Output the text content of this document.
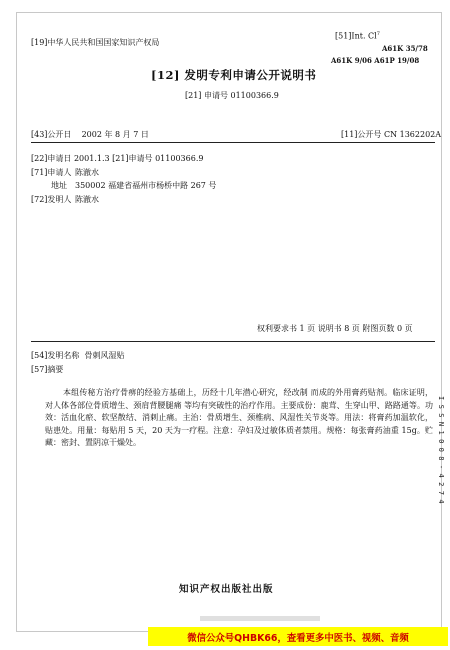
[19]中华人民共和国国家知识产权局
[51]Int. Cl$^7$
A61K 35/78
A61K 9/06 A61P 19/08
[12] 发明专利申请公开说明书
[21] 申请号 01100366.9
[43]公开日 2002 年 8 月 7 日	[11]公开号 CN 1362202A
[22]申请日 2001.1.3 [21]申请号 01100366.9
[71]申请人 陈澈水
地址 350002 福建省福州市杨桥中路 267 号
[72]发明人 陈澈水
权利要求书 1 页 说明书 8 页 附图页数 0 页
[54]发明名称 骨刺风湿贴
[57]摘要
本组传秘方治疗骨痹的经验方基础上，历经十几年潜心研究，经改制 而成的外用膏药贴剂。临床证明，对人体各部位骨质增生、颈肩背腰腿痛 等均有突破性的治疗作用。主要成份：鹿茸、生穿山甲、路路通等。功效：活血化瘀、软坚散结、消刺止痛。主治：骨质增生、颈椎病、风湿性关节炎等。用法：将膏药加温软化，贴患处。用量：每贴用 5 天，20 天为一疗程。注意：孕妇及过敏体质者禁用。规格：每张膏药油重 15g。贮藏：密封、置阴凉干燥处。	ISSN1008-4274
知识产权出版社出版
微信公众号QHBK66，查看更多中医书、视频、音频
